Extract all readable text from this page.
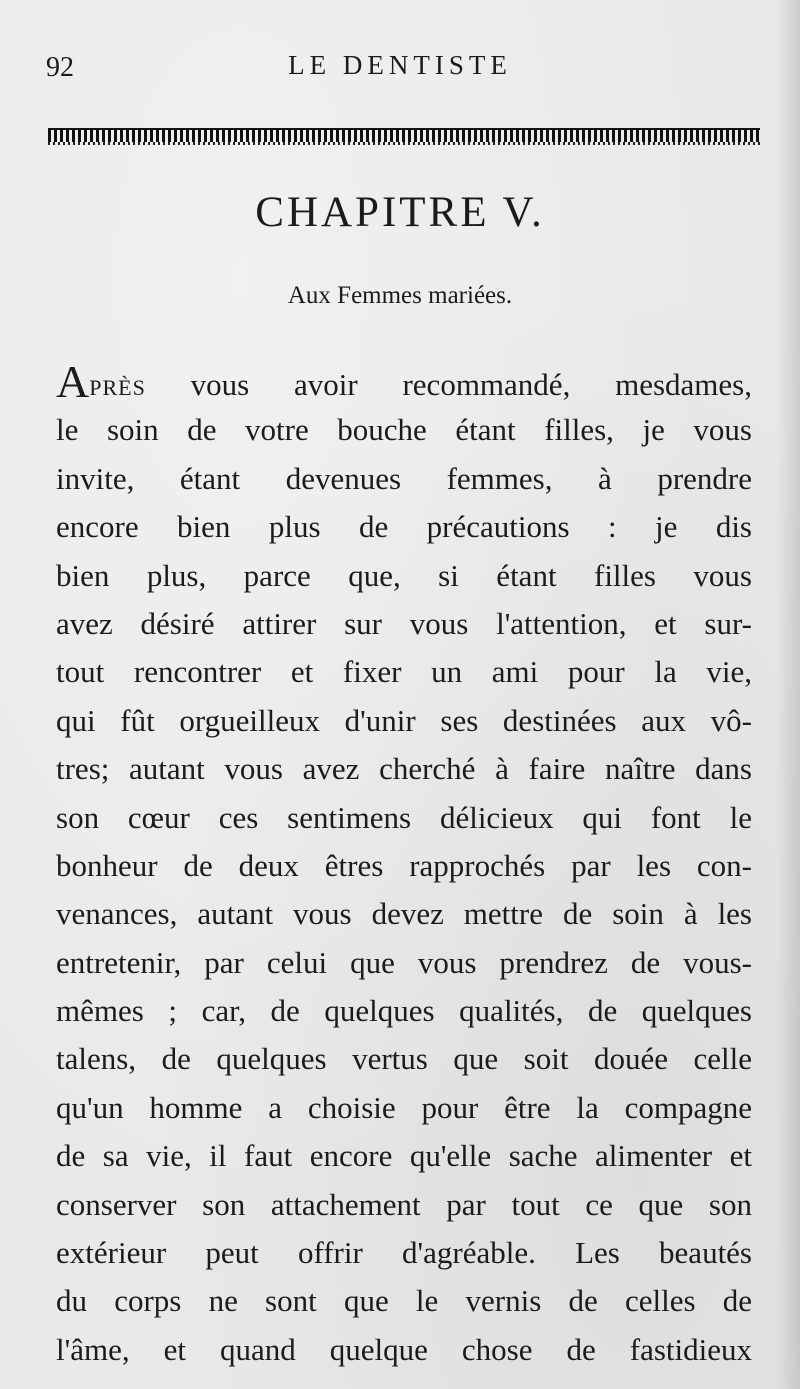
92	LE DENTISTE
CHAPITRE V.
Aux Femmes mariées.
APRÈS vous avoir recommandé, mesdames,
le soin de votre bouche étant filles, je vous
invite, étant devenues femmes, à prendre
encore bien plus de précautions : je dis
bien plus, parce que, si étant filles vous
avez désiré attirer sur vous l'attention, et sur-
tout rencontrer et fixer un ami pour la vie,
qui fût orgueilleux d'unir ses destinées aux vô-
tres; autant vous avez cherché à faire naître dans
son cœur ces sentimens délicieux qui font le
bonheur de deux êtres rapprochés par les con-
venances, autant vous devez mettre de soin à les
entretenir, par celui que vous prendrez de vous-
mêmes ; car, de quelques qualités, de quelques
talens, de quelques vertus que soit douée celle
qu'un homme a choisie pour être la compagne
de sa vie, il faut encore qu'elle sache alimenter et
conserver son attachement par tout ce que son
extérieur peut offrir d'agréable. Les beautés
du corps ne sont que le vernis de celles de
l'âme, et quand quelque chose de fastidieux
